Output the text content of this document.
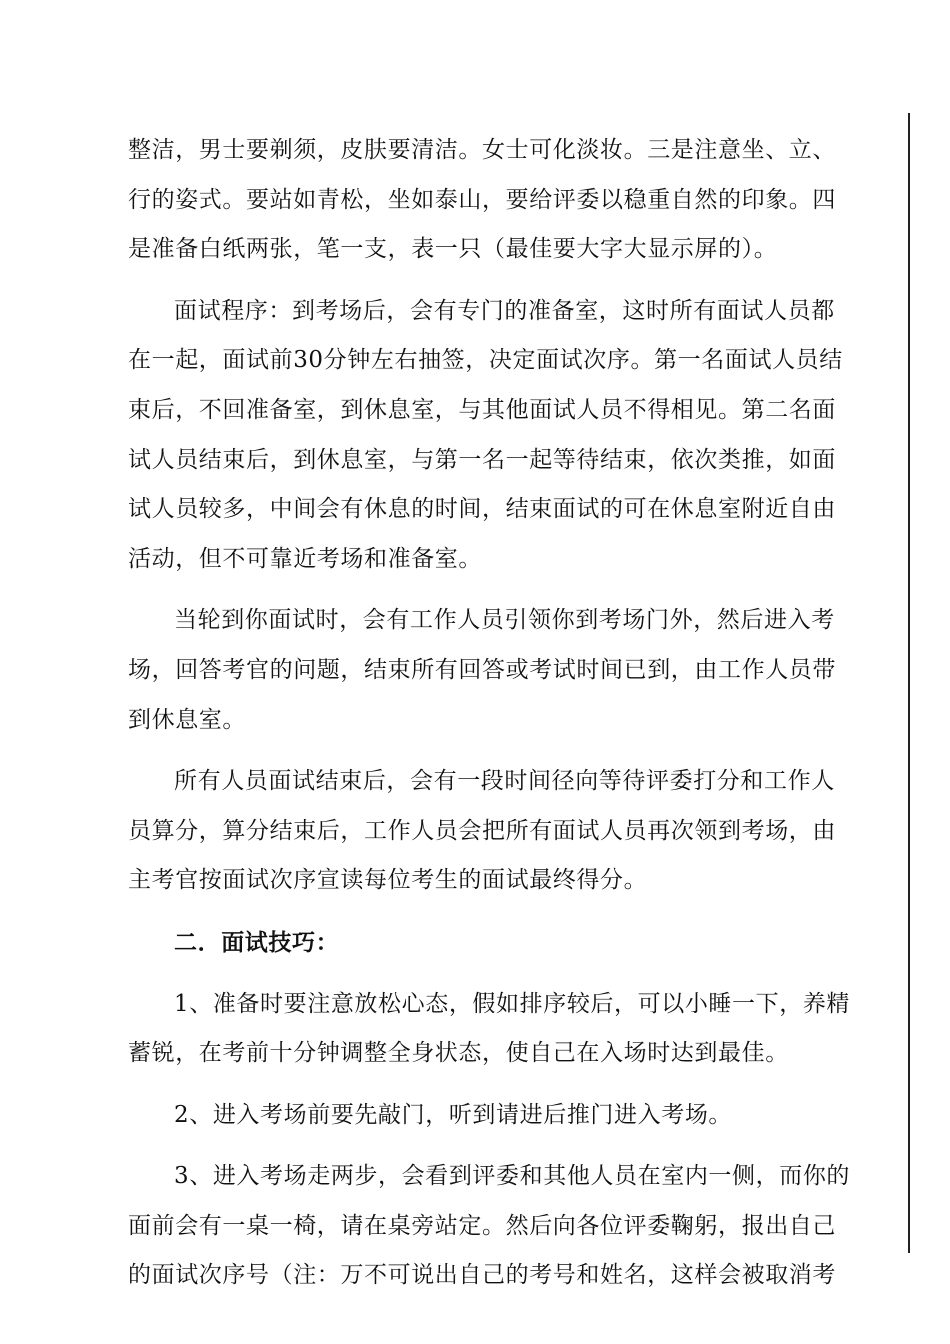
整洁，男士要剃须，皮肤要清洁。女士可化淡妆。三是注意坐、立、
行的姿式。要站如青松，坐如泰山，要给评委以稳重自然的印象。四
是准备白纸两张，笔一支，表一只（最佳要大字大显示屏的）。
面试程序：到考场后，会有专门的准备室，这时所有面试人员都
在一起，面试前30分钟左右抽签，决定面试次序。第一名面试人员结
束后，不回准备室，到休息室，与其他面试人员不得相见。第二名面
试人员结束后，到休息室，与第一名一起等待结束，依次类推，如面
试人员较多，中间会有休息的时间，结束面试的可在休息室附近自由
活动，但不可靠近考场和准备室。
当轮到你面试时，会有工作人员引领你到考场门外，然后进入考
场，回答考官的问题，结束所有回答或考试时间已到，由工作人员带
到休息室。
所有人员面试结束后，会有一段时间径向等待评委打分和工作人
员算分，算分结束后，工作人员会把所有面试人员再次领到考场，由
主考官按面试次序宣读每位考生的面试最终得分。
二．面试技巧：
1、准备时要注意放松心态，假如排序较后，可以小睡一下，养精
蓄锐，在考前十分钟调整全身状态，使自己在入场时达到最佳。
2、进入考场前要先敲门，听到请进后推门进入考场。
3、进入考场走两步，会看到评委和其他人员在室内一侧，而你的
面前会有一桌一椅，请在桌旁站定。然后向各位评委鞠躬，报出自己
的面试次序号（注：万不可说出自己的考号和姓名，这样会被取消考
